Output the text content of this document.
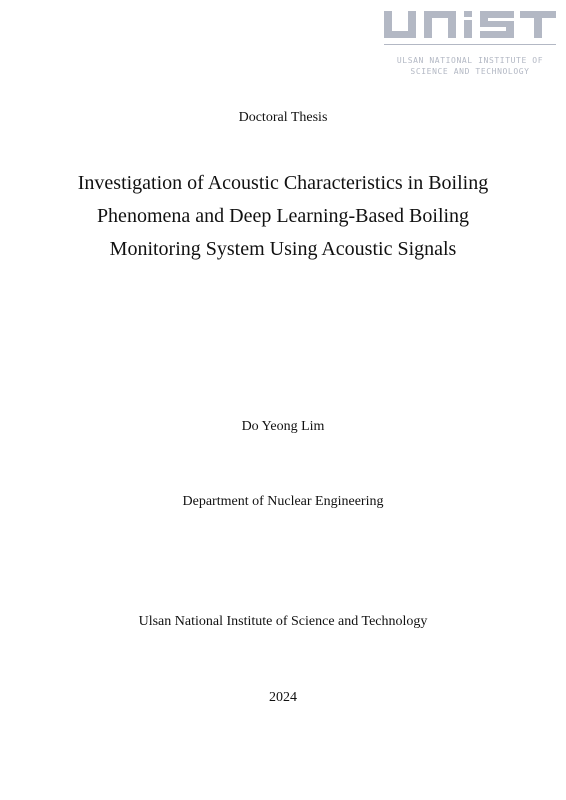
ULSAN NATIONAL INSTITUTE OF
SCIENCE AND TECHNOLOGY
Doctoral Thesis
Investigation of Acoustic Characteristics in Boiling
Phenomena and Deep Learning-Based Boiling
Monitoring System Using Acoustic Signals
Do Yeong Lim
Department of Nuclear Engineering
Ulsan National Institute of Science and Technology
2024
